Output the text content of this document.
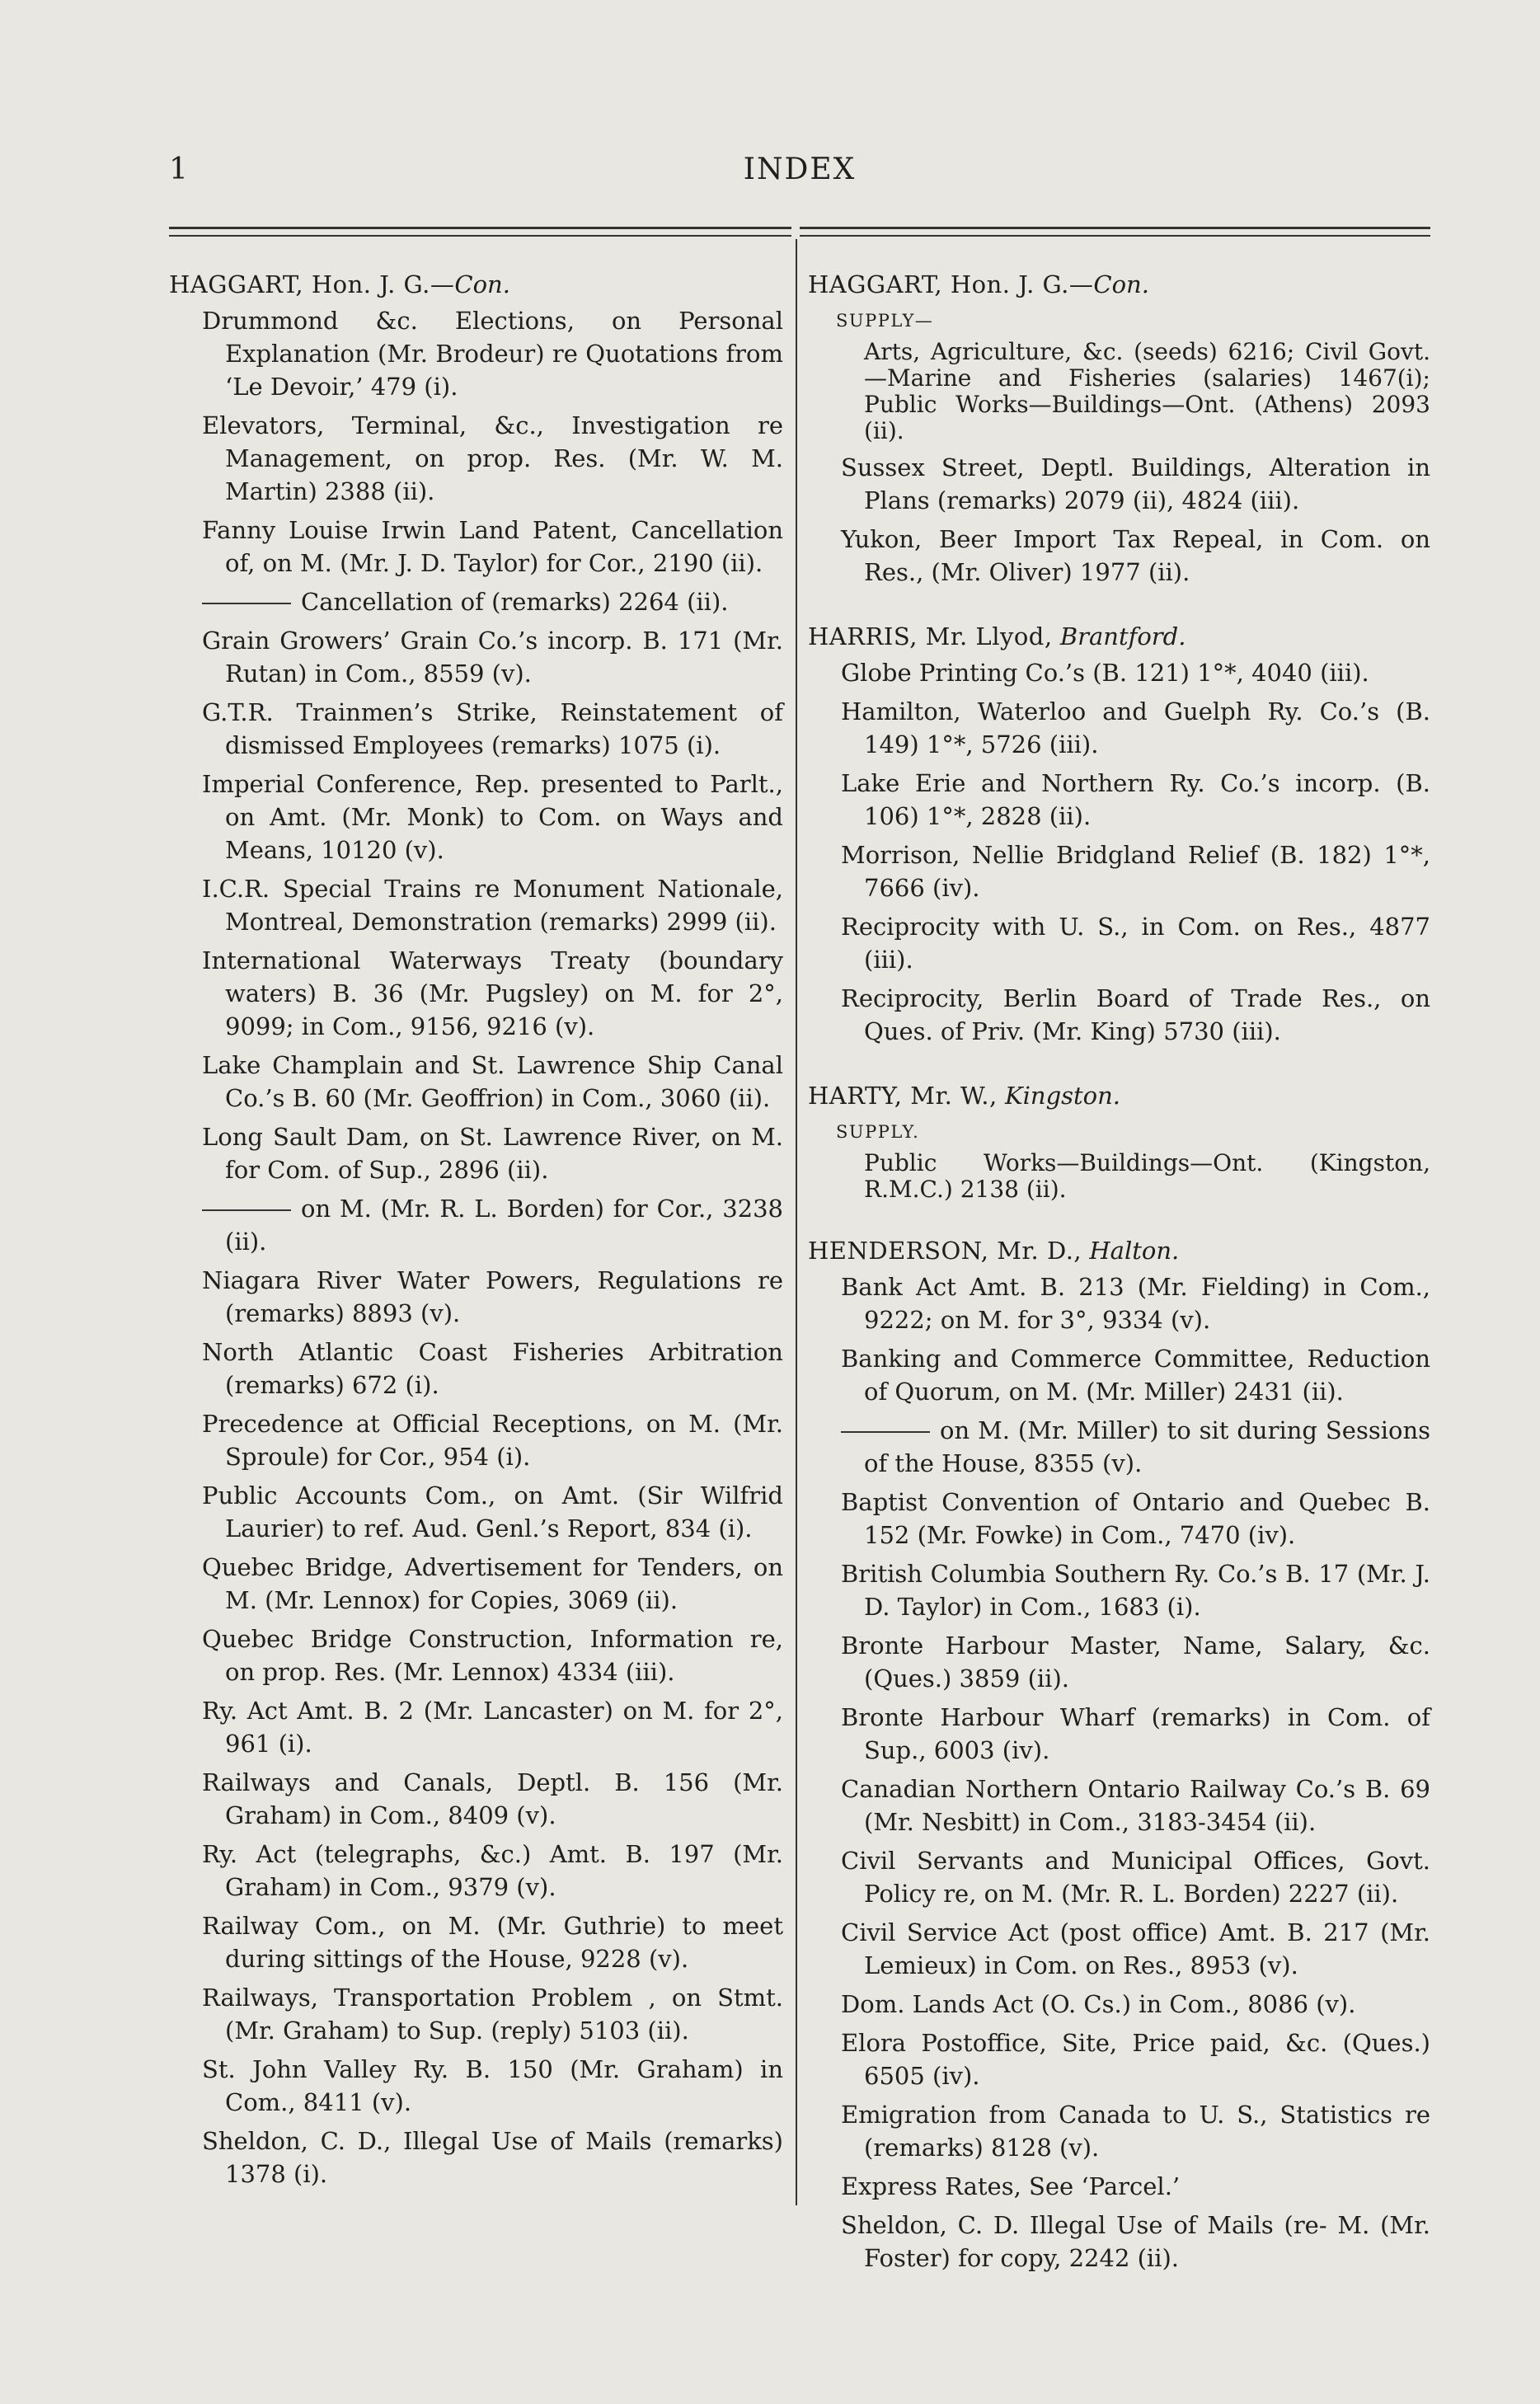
1	INDEX
HAGGART, Hon. J. G.—Con.

Drummond &c. Elections, on Personal Explanation (Mr. Brodeur) re Quotations from ‘Le Devoir,’ 479 (i).

Elevators, Terminal, &c., Investigation re Management, on prop. Res. (Mr. W. M. Martin) 2388 (ii).

Fanny Louise Irwin Land Patent, Cancellation of, on M. (Mr. J. D. Taylor) for Cor., 2190 (ii).

Cancellation of (remarks) 2264 (ii).

Grain Growers’ Grain Co.’s incorp. B. 171 (Mr. Rutan) in Com., 8559 (v).

G.T.R. Trainmen’s Strike, Reinstatement of dismissed Employees (remarks) 1075 (i).

Imperial Conference, Rep. presented to Parlt., on Amt. (Mr. Monk) to Com. on Ways and Means, 10120 (v).

I.C.R. Special Trains re Monument Nationale, Montreal, Demonstration (remarks) 2999 (ii).

International Waterways Treaty (boundary waters) B. 36 (Mr. Pugsley) on M. for 2°, 9099; in Com., 9156, 9216 (v).

Lake Champlain and St. Lawrence Ship Canal Co.’s B. 60 (Mr. Geoffrion) in Com., 3060 (ii).

Long Sault Dam, on St. Lawrence River, on M. for Com. of Sup., 2896 (ii).

on M. (Mr. R. L. Borden) for Cor., 3238 (ii).

Niagara River Water Powers, Regulations re (remarks) 8893 (v).

North Atlantic Coast Fisheries Arbitration (remarks) 672 (i).

Precedence at Official Receptions, on M. (Mr. Sproule) for Cor., 954 (i).

Public Accounts Com., on Amt. (Sir Wilfrid Laurier) to ref. Aud. Genl.’s Report, 834 (i).

Quebec Bridge, Advertisement for Tenders, on M. (Mr. Lennox) for Copies, 3069 (ii).

Quebec Bridge Construction, Information re, on prop. Res. (Mr. Lennox) 4334 (iii).

Ry. Act Amt. B. 2 (Mr. Lancaster) on M. for 2°, 961 (i).

Railways and Canals, Deptl. B. 156 (Mr. Graham) in Com., 8409 (v).

Ry. Act (telegraphs, &c.) Amt. B. 197 (Mr. Graham) in Com., 9379 (v).

Railway Com., on M. (Mr. Guthrie) to meet during sittings of the House, 9228 (v).

Railways, Transportation Problem , on Stmt. (Mr. Graham) to Sup. (reply) 5103 (ii).

St. John Valley Ry. B. 150 (Mr. Graham) in Com., 8411 (v).

Sheldon, C. D., Illegal Use of Mails (remarks) 1378 (i).

HAGGART, Hon. J. G.—Con.
SUPPLY—

Arts, Agriculture, &c. (seeds) 6216; Civil Govt.—Marine and Fisheries (salaries) 1467(i); Public Works—Buildings—Ont. (Athens) 2093 (ii).

Sussex Street, Deptl. Buildings, Alteration in Plans (remarks) 2079 (ii), 4824 (iii).

Yukon, Beer Import Tax Repeal, in Com. on Res., (Mr. Oliver) 1977 (ii).

HARRIS, Mr. Llyod, Brantford.

Globe Printing Co.’s (B. 121) 1°*, 4040 (iii).

Hamilton, Waterloo and Guelph Ry. Co.’s (B. 149) 1°*, 5726 (iii).

Lake Erie and Northern Ry. Co.’s incorp. (B. 106) 1°*, 2828 (ii).

Morrison, Nellie Bridgland Relief (B. 182) 1°*, 7666 (iv).

Reciprocity with U. S., in Com. on Res., 4877 (iii).

Reciprocity, Berlin Board of Trade Res., on Ques. of Priv. (Mr. King) 5730 (iii).

HARTY, Mr. W., Kingston.
SUPPLY.

Public Works—Buildings—Ont. (Kingston, R.M.C.) 2138 (ii).

HENDERSON, Mr. D., Halton.

Bank Act Amt. B. 213 (Mr. Fielding) in Com., 9222; on M. for 3°, 9334 (v).

Banking and Commerce Committee, Reduction of Quorum, on M. (Mr. Miller) 2431 (ii).

on M. (Mr. Miller) to sit during Sessions of the House, 8355 (v).

Baptist Convention of Ontario and Quebec B. 152 (Mr. Fowke) in Com., 7470 (iv).

British Columbia Southern Ry. Co.’s B. 17 (Mr. J. D. Taylor) in Com., 1683 (i).

Bronte Harbour Master, Name, Salary, &c. (Ques.) 3859 (ii).

Bronte Harbour Wharf (remarks) in Com. of Sup., 6003 (iv).

Canadian Northern Ontario Railway Co.’s B. 69 (Mr. Nesbitt) in Com., 3183-3454 (ii).

Civil Servants and Municipal Offices, Govt. Policy re, on M. (Mr. R. L. Borden) 2227 (ii).

Civil Service Act (post office) Amt. B. 217 (Mr. Lemieux) in Com. on Res., 8953 (v).

Dom. Lands Act (O. Cs.) in Com., 8086 (v).

Elora Postoffice, Site, Price paid, &c. (Ques.) 6505 (iv).

Emigration from Canada to U. S., Statistics re (remarks) 8128 (v).

Express Rates, See ‘Parcel.’

Sheldon, C. D. Illegal Use of Mails (re- M. (Mr. Foster) for copy, 2242 (ii).
